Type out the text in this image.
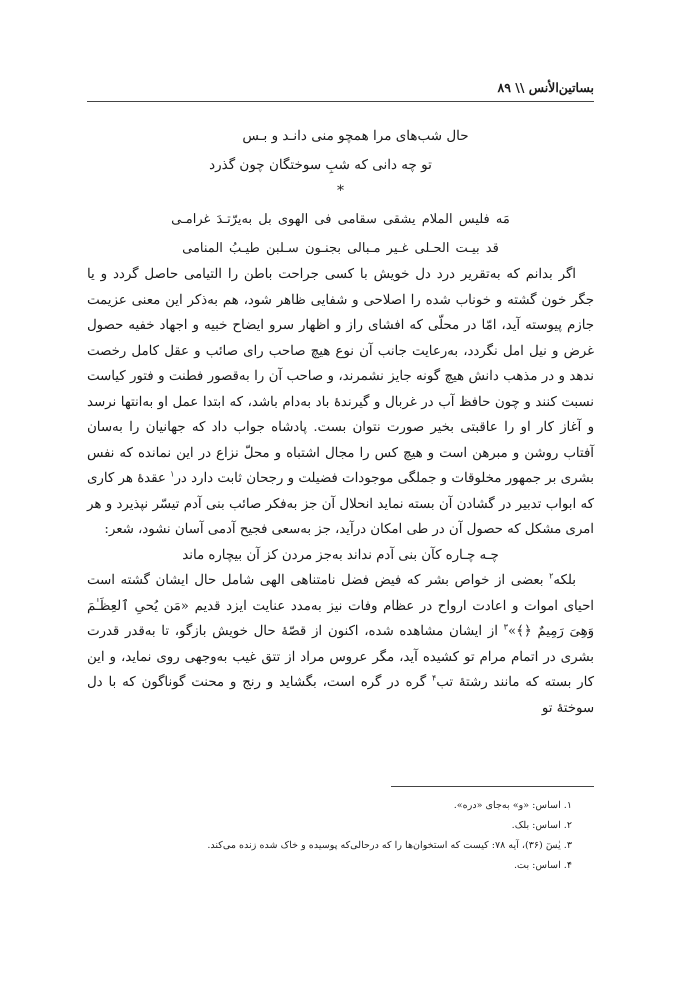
بساتین‌الأنس \\ ۸۹
حال شب‌های مرا همچو منی دانـد و بـس
تو چه دانی که شبِ سوختگان چون گذرد
*
مَه فلیس الملام یشقی سقامی فی الهوی بل به‌یرّتـدَ غرامـی
قد بیـت الحـلی غـیر مـبالی بجنـون سـلبن طیـبُ المنامی

اگر بدانم که به‌تقریر درد دل خویش با کسی جراحت باطن را التیامی حاصل گردد و یا جگر خون گشته و خوناب شده را اصلاحی و شفایی ظاهر شود، هم به‌ذکر این معنی عزیمت جازم پیوسته آید، امّا در محلّی که افشای راز و اظهار سرو ایضاح خبیه و اجهاد خفیه حصول غرض و نیل امل نگردد، به‌رعایت جانب آن نوع هیچ صاحب رای صائب و عقل کامل رخصت ندهد و در مذهب دانش هیچ گونه جایز نشمرند، و صاحب آن را به‌قصور فطنت و فتور کیاست نسبت کنند و چون حافظ آب در غربال و گیرندهٔ باد به‌دام باشد، که ابتدا عمل او به‌انتها نرسد و آغاز کار او را عاقبتی بخیر صورت نتوان بست. پادشاه جواب داد که جهانیان را به‌سان آفتاب روشن و مبرهن است و هیچ کس را مجال اشتباه و محلّ نزاع در این نمانده که نفس بشری بر جمهور مخلوقات و جملگی موجودات فضیلت و رجحان ثابت دارد در$^۱$ عقدهٔ هر کاری که ابواب تدبیر در گشادن آن بسته نماید انحلال آن جز به‌فکر صائب بنی آدم تیسّر نپذیرد و هر امری مشکل که حصول آن در طی امکان درآید، جز به‌سعی فجیح آدمی آسان نشود، شعر:

چـه چـاره کآن بنی آدم نداند به‌جز مردن کز آن بیچاره ماند

بلکه$^۲$ بعضی از خواص بشر که فیض فضل نامتناهی الهی شامل حال ایشان گشته است احیای اموات و اعادت ارواح در عظام وفات نیز به‌مدد عنایت ایزد قدیم «مَن یُحیِ ٱلعِظَـٰمَ وَهِیَ رَمِیمٌ ﴿﴾»$^۳$ از ایشان مشاهده شده، اکنون از قصّهٔ حال خویش بازگو، تا به‌قدر قدرت بشری در اتمام مرام تو کشیده آید، مگر عروس مراد از تتق غیب به‌وجهی روی نماید، و این کار بسته که مانند رشتهٔ تب$^۴$ گره در گره است، بگشاید و رنج و محنت گوناگون که با دل سوختهٔ تو

۱. اساس: «و» به‌جای «دره».

۲. اساس: بلک.

۳. یٰسٓ (۳۶)، آیه ۷۸: کیست که استخوان‌ها را که درحالی‌که پوسیده و خاک شده زنده می‌کند.

۴. اساس: بت.
